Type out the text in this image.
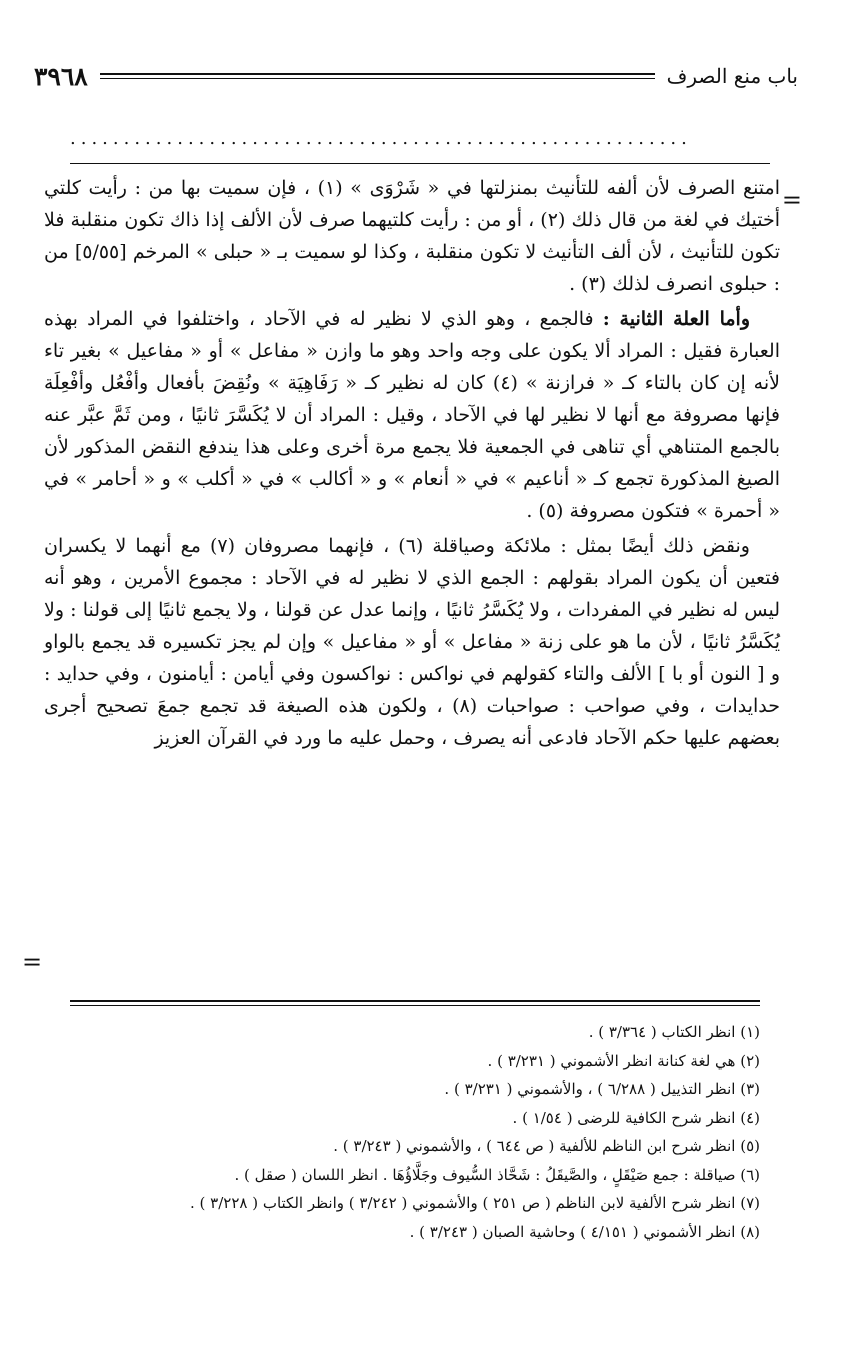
٣٩٦٨	باب منع الصرف
..........................................................
=

امتنع الصرف لأن ألفه للتأنيث بمنزلتها في « شَرْوَى » (١) ، فإن سميت بها من : رأيت كلتي أختيك في لغة من قال ذلك (٢) ، أو من : رأيت كلتيهما صرف لأن الألف إذا ذاك تكون منقلبة فلا تكون للتأنيث ، لأن ألف التأنيث لا تكون منقلبة ، وكذا لو سميت بـ « حبلى » المرخم [٥/٥٥] من : حبلوى انصرف لذلك (٣) .

وأما العلة الثانية : فالجمع ، وهو الذي لا نظير له في الآحاد ، واختلفوا في المراد بهذه العبارة فقيل : المراد ألا يكون على وجه واحد وهو ما وازن « مفاعل » أو « مفاعيل » بغير تاء لأنه إن كان بالتاء كـ « فرازنة » (٤) كان له نظير كـ « رَفَاهِيَة » ونُقِضَ بأفعال وأفْعُل وأفْعِلَة فإنها مصروفة مع أنها لا نظير لها في الآحاد ، وقيل : المراد أن لا يُكَسَّرَ ثانيًا ، ومن ثَمَّ عبَّر عنه بالجمع المتناهي أي تناهى في الجمعية فلا يجمع مرة أخرى وعلى هذا يندفع النقض المذكور لأن الصيغ المذكورة تجمع كـ « أناعيم » في « أنعام » و « أكالب » في « أكلب » و « أحامر » في « أحمرة » فتكون مصروفة (٥) .

ونقض ذلك أيضًا بمثل : ملائكة وصياقلة (٦) ، فإنهما مصروفان (٧) مع أنهما لا يكسران فتعين أن يكون المراد بقولهم : الجمع الذي لا نظير له في الآحاد : مجموع الأمرين ، وهو أنه ليس له نظير في المفردات ، ولا يُكَسَّرُ ثانيًا ، وإنما عدل عن قولنا ، ولا يجمع ثانيًا إلى قولنا : ولا يُكَسَّرُ ثانيًا ، لأن ما هو على زنة « مفاعل » أو « مفاعيل » وإن لم يجز تكسيره قد يجمع بالواو و [ النون أو با ] الألف والتاء كقولهم في نواكس : نواكسون وفي أيامن : أيامنون ، وفي حدايد : حدايدات ، وفي صواحب : صواحبات (٨) ، ولكون هذه الصيغة قد تجمع جمعَ تصحيح أجرى بعضهم عليها حكم الآحاد فادعى أنه يصرف ، وحمل عليه ما ورد في القرآن العزيز

=

(١) انظر الكتاب ( ٣/٣٦٤ ) .

(٢) هي لغة كنانة انظر الأشموني ( ٣/٢٣١ ) .

(٣) انظر التذييل ( ٦/٢٨٨ ) ، والأشموني ( ٣/٢٣١ ) .

(٤) انظر شرح الكافية للرضى ( ١/٥٤ ) .

(٥) انظر شرح ابن الناظم للألفية ( ص ٦٤٤ ) ، والأشموني ( ٣/٢٤٣ ) .

(٦) صياقلة : جمع صَيْقَلٍ ، والصَّيقَلُ : شَحَّاذ السُّيوف وجَلَّاؤُهَا . انظر اللسان ( صقل ) .

(٧) انظر شرح الألفية لابن الناظم ( ص ٢٥١ ) والأشموني ( ٣/٢٤٢ ) وانظر الكتاب ( ٣/٢٢٨ ) .

(٨) انظر الأشموني ( ٤/١٥١ ) وحاشية الصبان ( ٣/٢٤٣ ) .
